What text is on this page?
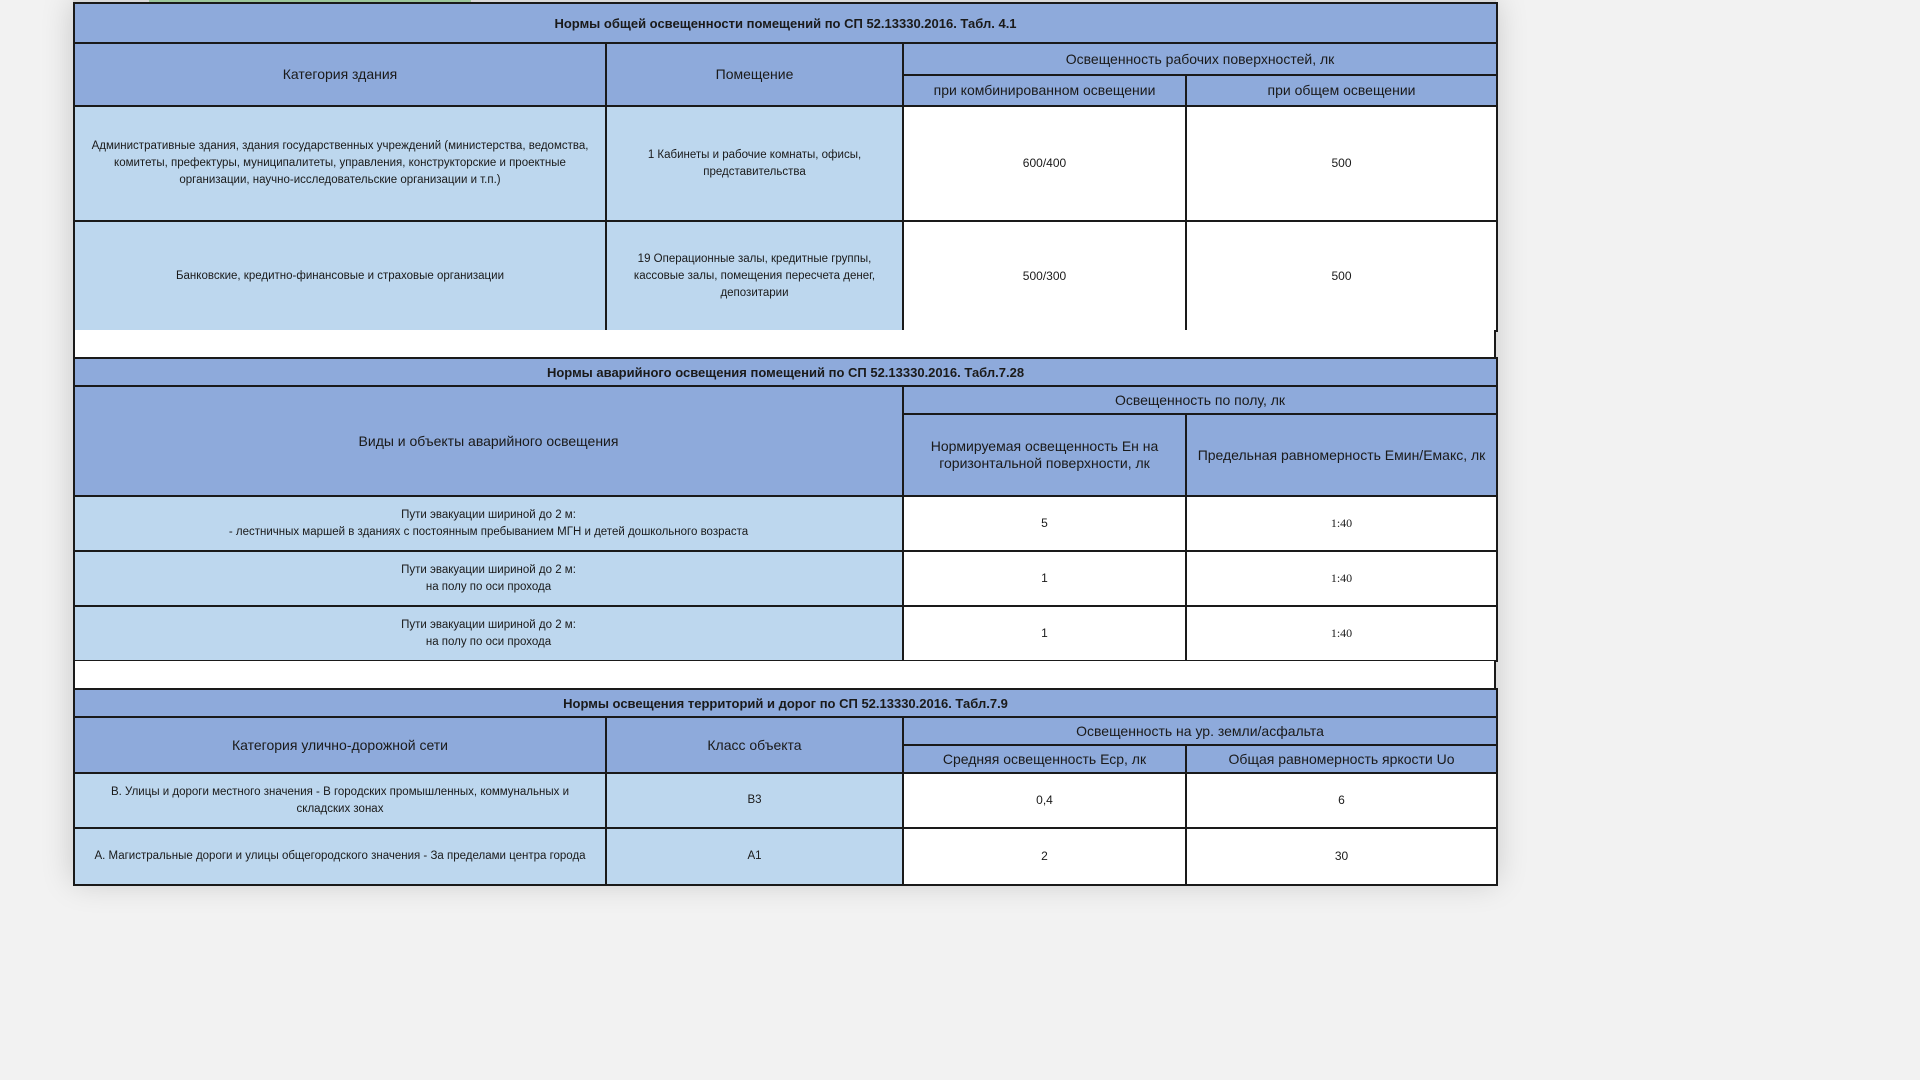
Нормы общей освещенности помещений по СП 52.13330.2016. Табл. 4.1			
Категория здания	Помещение	Освещенность рабочих поверхностей, лк	
		при комбинированном освещении	при общем освещении
Административные здания, здания государственных учреждений (министерства, ведомства, комитеты, префектуры, муниципалитеты, управления, конструкторские и проектные организации, научно-исследовательские организации и т.п.)	1 Кабинеты и рабочие комнаты, офисы, представительства	600/400	500
Банковские, кредитно-финансовые и страховые организации	19 Операционные залы, кредитные группы, кассовые залы, помещения пересчета денег, депозитарии	500/300	500
Нормы аварийного освещения помещений по СП 52.13330.2016. Табл.7.28		
Виды и объекты аварийного освещения	Освещенность по полу, лк	
	Нормируемая освещенность Ен на горизонтальной поверхности, лк	Предельная равномерность Емин/Емакс, лк

Пути эвакуации шириной до 2 м:
- лестничных маршей в зданиях с постоянным пребыванием МГН и детей дошкольного возраста	5	1:40

Пути эвакуации шириной до 2 м:
на полу по оси прохода	1	1:40

Пути эвакуации шириной до 2 м:
на полу по оси прохода	1	1:40
Нормы освещения территорий и дорог по СП 52.13330.2016. Табл.7.9			
Категория улично-дорожной сети	Класс объекта	Освещенность на ур. земли/асфальта	
		Средняя освещенность Еср, лк	Общая равномерность яркости Uo
В. Улицы и дороги местного значения - В городских промышленных, коммунальных и складских зонах	В3	0,4	6
А. Магистральные дороги и улицы общегородского значения - За пределами центра города	А1	2	30
